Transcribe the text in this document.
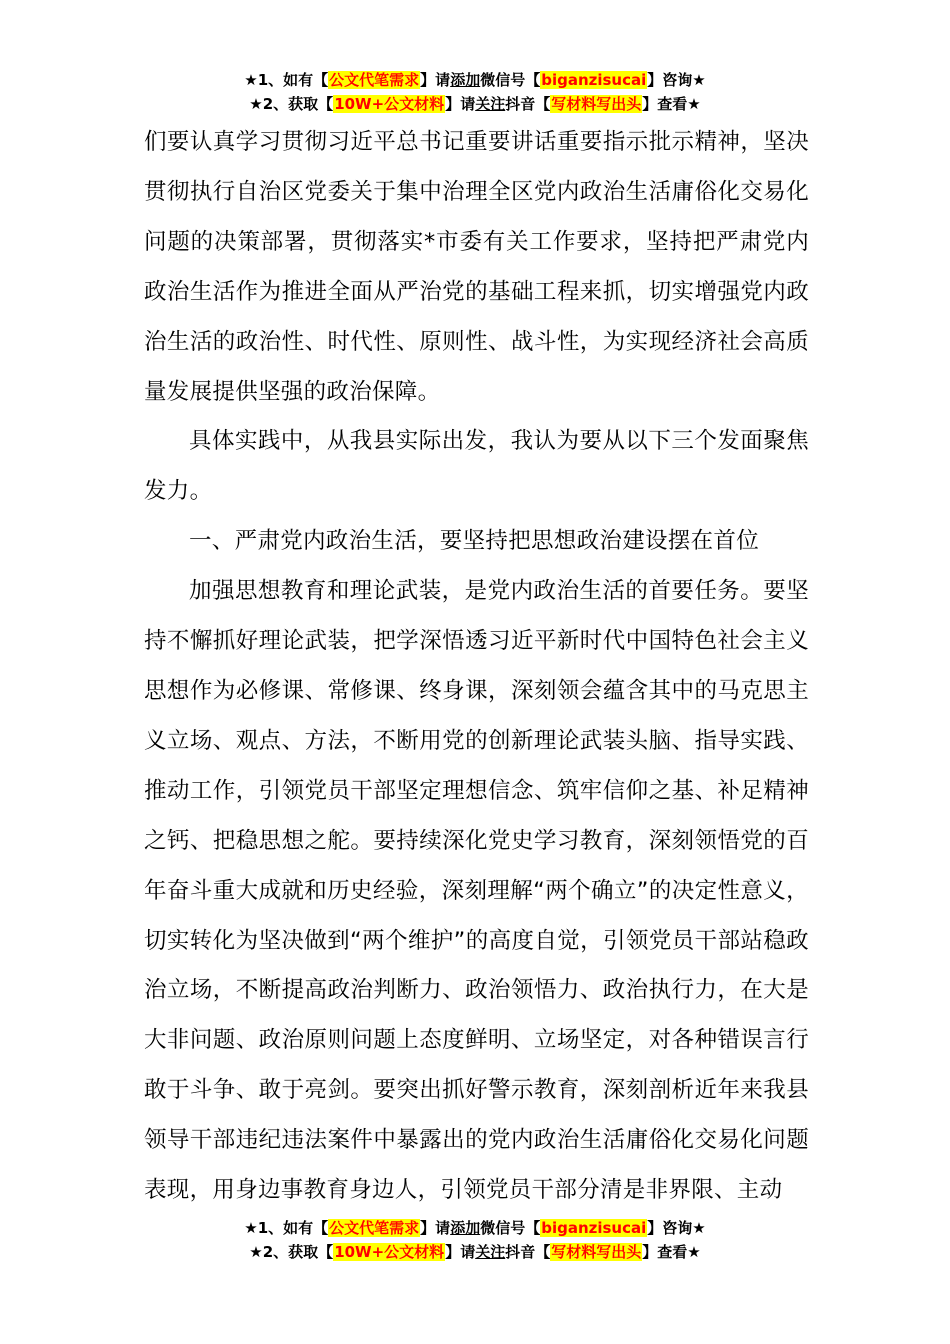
★1、如有【公文代笔需求】请添加微信号【biganzisucai】咨询★
★2、获取【10W+公文材料】请关注抖音【写材料写出头】查看★

们要认真学习贯彻习近平总书记重要讲话重要指示批示精神，坚决贯彻执行自治区党委关于集中治理全区党内政治生活庸俗化交易化问题的决策部署，贯彻落实*市委有关工作要求，坚持把严肃党内政治生活作为推进全面从严治党的基础工程来抓，切实增强党内政治生活的政治性、时代性、原则性、战斗性，为实现经济社会高质量发展提供坚强的政治保障。

具体实践中，从我县实际出发，我认为要从以下三个发面聚焦发力。

一、严肃党内政治生活，要坚持把思想政治建设摆在首位

加强思想教育和理论武装，是党内政治生活的首要任务。要坚持不懈抓好理论武装，把学深悟透习近平新时代中国特色社会主义思想作为必修课、常修课、终身课，深刻领会蕴含其中的马克思主义立场、观点、方法，不断用党的创新理论武装头脑、指导实践、推动工作，引领党员干部坚定理想信念、筑牢信仰之基、补足精神之钙、把稳思想之舵。要持续深化党史学习教育，深刻领悟党的百年奋斗重大成就和历史经验，深刻理解“两个确立”的决定性意义，切实转化为坚决做到“两个维护”的高度自觉，引领党员干部站稳政治立场，不断提高政治判断力、政治领悟力、政治执行力，在大是大非问题、政治原则问题上态度鲜明、立场坚定，对各种错误言行敢于斗争、敢于亮剑。要突出抓好警示教育，深刻剖析近年来我县领导干部违纪违法案件中暴露出的党内政治生活庸俗化交易化问题表现，用身边事教育身边人，引领党员干部分清是非界限、主动

★1、如有【公文代笔需求】请添加微信号【biganzisucai】咨询★
★2、获取【10W+公文材料】请关注抖音【写材料写出头】查看★
